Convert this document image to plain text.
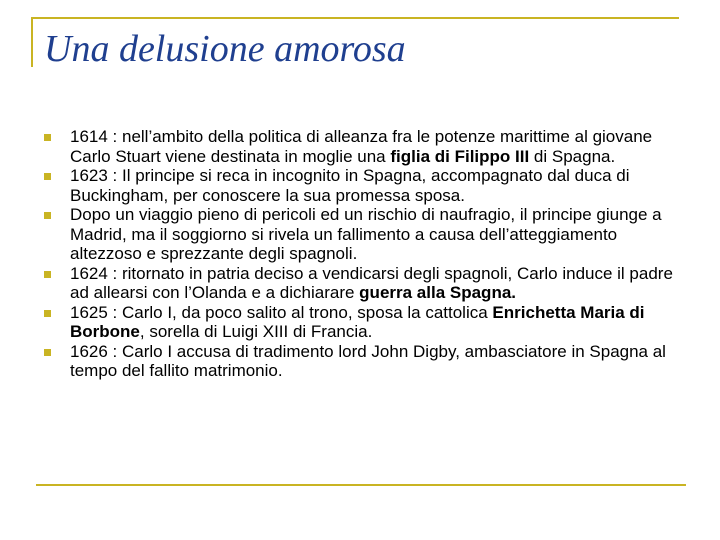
Una delusione amorosa
1614 : nell’ambito della politica di alleanza fra le potenze marittime al giovane Carlo Stuart viene destinata in moglie una figlia di Filippo III di Spagna.
1623 : Il principe si reca in incognito in Spagna, accompagnato dal duca di Buckingham, per conoscere la sua promessa sposa.
Dopo un viaggio pieno di pericoli ed un rischio di naufragio, il principe giunge a Madrid, ma il soggiorno si rivela un fallimento a causa dell’atteggiamento altezzoso e sprezzante degli spagnoli.
1624 : ritornato in patria deciso a vendicarsi degli spagnoli, Carlo induce il padre ad allearsi con l’Olanda e a dichiarare guerra alla Spagna.
1625 : Carlo I, da poco salito al trono, sposa la cattolica Enrichetta Maria di Borbone, sorella di Luigi XIII di Francia.
1626 : Carlo I accusa di tradimento lord John Digby, ambasciatore in Spagna al tempo del fallito matrimonio.
